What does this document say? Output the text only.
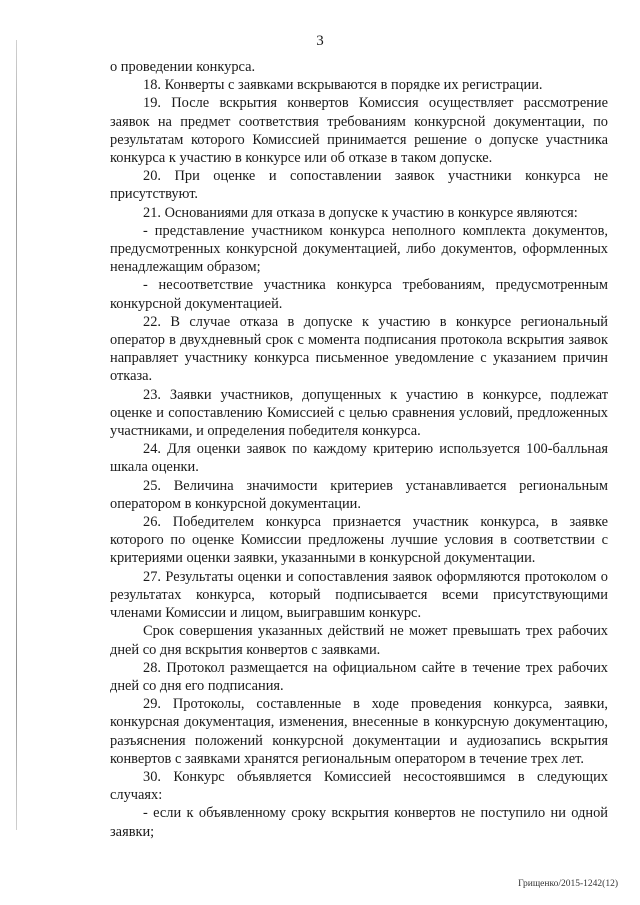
3

о проведении конкурса.

18. Конверты с заявками вскрываются в порядке их регистрации.

19. После вскрытия конвертов Комиссия осуществляет рассмотрение заявок на предмет соответствия требованиям конкурсной документации, по результатам которого Комиссией принимается решение о допуске участника конкурса к участию в конкурсе или об отказе в таком допуске.

20. При оценке и сопоставлении заявок участники конкурса не присутствуют.

21. Основаниями для отказа в допуске к участию в конкурсе являются:

- представление участником конкурса неполного комплекта документов, предусмотренных конкурсной документацией, либо документов, оформленных ненадлежащим образом;

- несоответствие участника конкурса требованиям, предусмотренным конкурсной документацией.

22. В случае отказа в допуске к участию в конкурсе региональный оператор в двухдневный срок с момента подписания протокола вскрытия заявок направляет участнику конкурса письменное уведомление с указанием причин отказа.

23. Заявки участников, допущенных к участию в конкурсе, подлежат оценке и сопоставлению Комиссией с целью сравнения условий, предложенных участниками, и определения победителя конкурса.

24. Для оценки заявок по каждому критерию используется 100-балльная шкала оценки.

25. Величина значимости критериев устанавливается региональным оператором в конкурсной документации.

26. Победителем конкурса признается участник конкурса, в заявке которого по оценке Комиссии предложены лучшие условия в соответствии с критериями оценки заявки, указанными в конкурсной документации.

27. Результаты оценки и сопоставления заявок оформляются протоколом о результатах конкурса, который подписывается всеми присутствующими членами Комиссии и лицом, выигравшим конкурс.

Срок совершения указанных действий не может превышать трех рабочих дней со дня вскрытия конвертов с заявками.

28. Протокол размещается на официальном сайте в течение трех рабочих дней со дня его подписания.

29. Протоколы, составленные в ходе проведения конкурса, заявки, конкурсная документация, изменения, внесенные в конкурсную документацию, разъяснения положений конкурсной документации и аудиозапись вскрытия конвертов с заявками хранятся региональным оператором в течение трех лет.

30. Конкурс объявляется Комиссией несостоявшимся в следующих случаях:

- если к объявленному сроку вскрытия конвертов не поступило ни одной заявки;

Грищенко/2015-1242(12)
